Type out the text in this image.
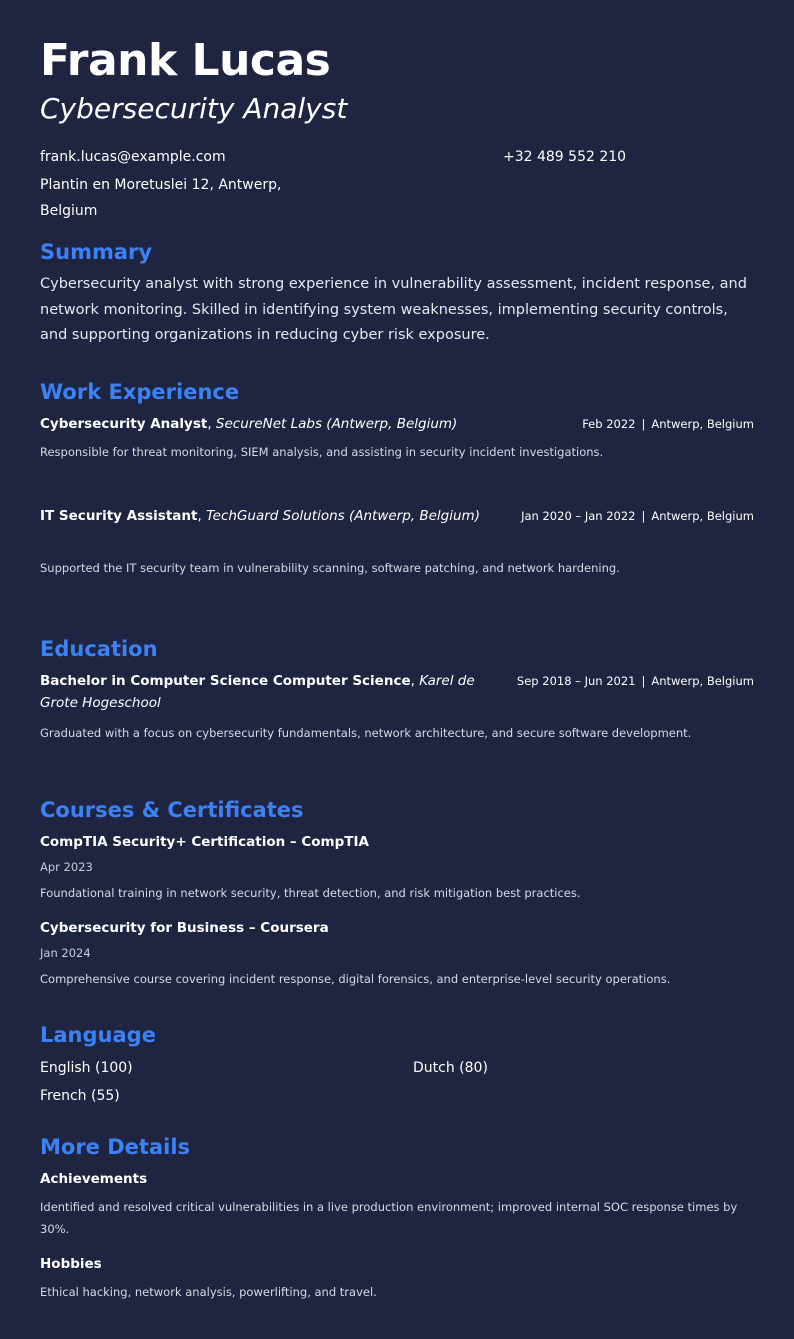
Frank Lucas
Cybersecurity Analyst
frank.lucas@example.com	+32 489 552 210
Plantin en Moretuslei 12, Antwerp,
Belgium
Summary

Cybersecurity analyst with strong experience in vulnerability assessment, incident response, and network monitoring. Skilled in identifying system weaknesses, implementing security controls, and supporting organizations in reducing cyber risk exposure.

Work Experience
Cybersecurity Analyst, SecureNet Labs (Antwerp, Belgium)	Feb 2022 | Antwerp, Belgium
Responsible for threat monitoring, SIEM analysis, and assisting in security incident investigations.
IT Security Assistant, TechGuard Solutions (Antwerp, Belgium)	Jan 2020 – Jan 2022 | Antwerp, Belgium
Supported the IT security team in vulnerability scanning, software patching, and network hardening.
Education
Bachelor in Computer Science Computer Science, Karel de
Grote Hogeschool
Sep 2018 – Jun 2021 | Antwerp, Belgium
Graduated with a focus on cybersecurity fundamentals, network architecture, and secure software development.
Courses & Certificates
CompTIA Security+ Certification – CompTIA
Apr 2023
Foundational training in network security, threat detection, and risk mitigation best practices.
Cybersecurity for Business – Coursera
Jan 2024
Comprehensive course covering incident response, digital forensics, and enterprise-level security operations.
Language
English (100)	Dutch (80)
French (55)
More Details
Achievements
Identified and resolved critical vulnerabilities in a live production environment; improved internal SOC response times by 30%.
Hobbies
Ethical hacking, network analysis, powerlifting, and travel.
